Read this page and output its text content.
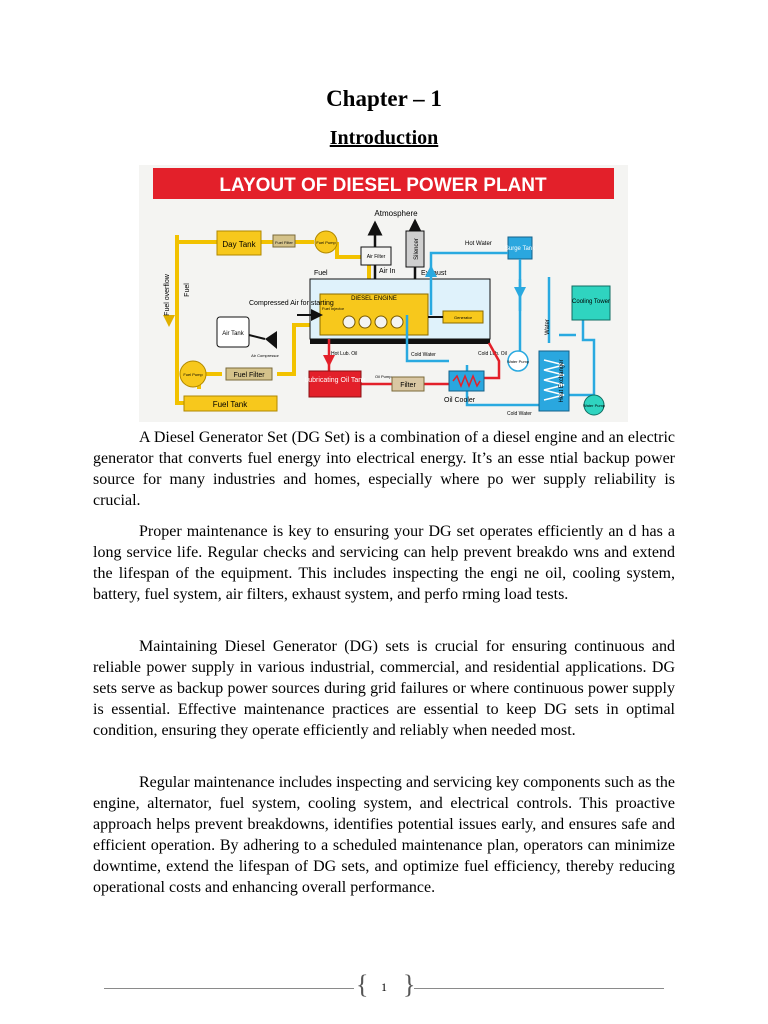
Chapter – 1
Introduction
LAYOUT OF DIESEL POWER PLANT
Day Tank	Fuel Filter	Fuel Pump
Atmosphere
Air Filter	Silencer
Fuel	Air In	Exhaust
Hot Water
Surge Tank
DIESEL ENGINE
Fuel Injector
Generator
Compressed Air for starting
Air Tank
Air Compressor
Fuel overflow Fuel
Cooling Tower
Water
Water Pump
Water Pump
Heat Exchanger
Hot Lub. Oil	Cold Water	Cold Lub. Oil
Lubricating Oil Tank
Oil Pump
Filter
Oil Cooler
Cold Water
Fuel Pump	Fuel Filter
Fuel Tank

A Diesel Generator Set (DG Set) is a combination of a diesel engine and an electric generator that converts fuel energy into electrical energy. It’s an esse ntial backup power source for many industries and homes, especially where po wer supply reliability is crucial.

Proper maintenance is key to ensuring your DG set operates efficiently an d has a long service life. Regular checks and servicing can help prevent breakdo wns and extend the lifespan of the equipment. This includes inspecting the engi ne oil, cooling system, battery, fuel system, air filters, exhaust system, and perfo rming load tests.

Maintaining Diesel Generator (DG) sets is crucial for ensuring continuous and reliable power supply in various industrial, commercial, and residential applications. DG sets serve as backup power sources during grid failures or where continuous power supply is essential. Effective maintenance practices are essential to keep DG sets in optimal condition, ensuring they operate efficiently and reliably when needed most.

Regular maintenance includes inspecting and servicing key components such as the engine, alternator, fuel system, cooling system, and electrical controls. This proactive approach helps prevent breakdowns, identifies potential issues early, and ensures safe and efficient operation. By adhering to a scheduled maintenance plan, operators can minimize downtime, extend the lifespan of DG sets, and optimize fuel efficiency, thereby reducing operational costs and enhancing overall performance.

{ }
1
